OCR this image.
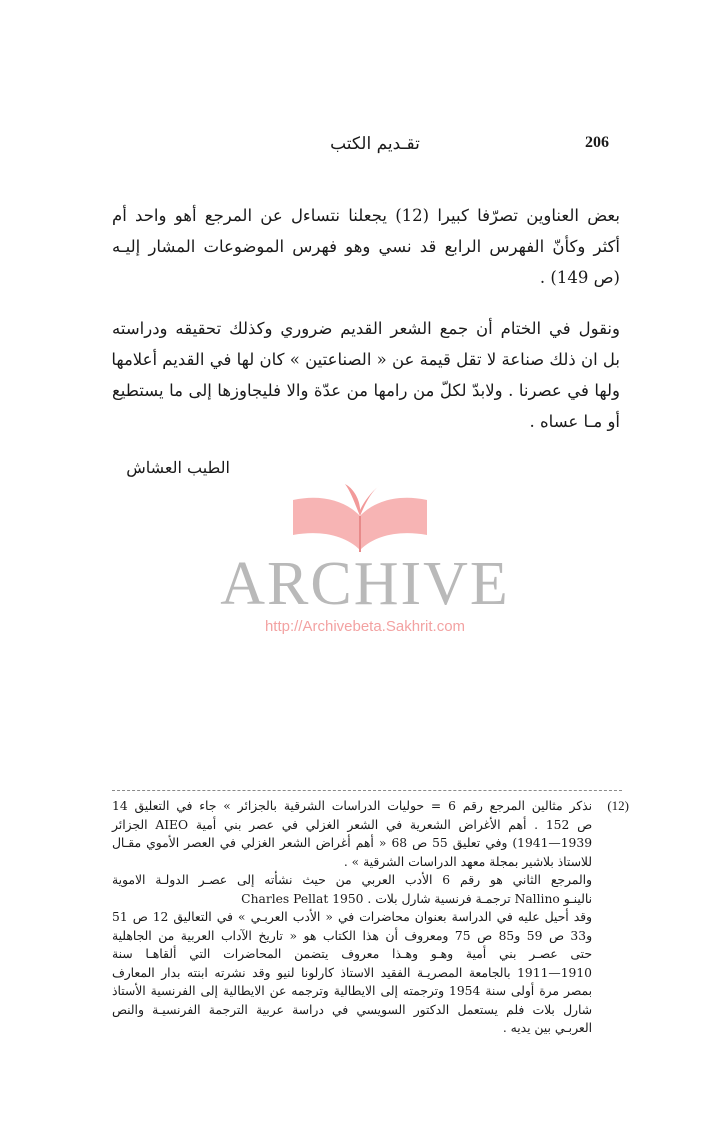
206
تقـديم الكتب
بعض العناوين تصرّفا كبيرا (12) يجعلنا نتساءل عن المرجع أهو واحد أم
أكثر وكأنّ الفهرس الرابع قد نسي وهو فهرس الموضوعات المشار إليـه
(ص 149) .
ونقول في الختام أن جمع الشعر القديم ضروري وكذلك تحقيقه ودراسته
بل ان ذلك صناعة لا تقل قيمة عن « الصناعتين » كان لها في القديم أعلامها
ولها في عصرنا . ولابدّ لكلّ من رامها من عدّة والا فليجاوزها إلى ما يستطيع
أو مـا عساه .
الطيب العشاش
ARCHIVE
http://Archivebeta.Sakhrit.com
(12)
نذكر مثالين المرجع رقم 6 = حوليات الدراسات الشرقية بالجزائر » جاء في التعليق 14
ص 152 . أهم الأغراض الشعرية في الشعر الغزلي في عصر بني أمية AIEO الجزائر
1939—1941) وفي تعليق 55 ص 68 « أهم أغراض الشعر الغزلي في العصر الأموي مقـال
للاستاذ بلاشير بمجلة معهد الدراسات الشرقية » .
والمرجع الثاني هو رقم 6 الأدب العربي من حيث نشأته إلى عصـر الدولـة الاموية
نالينـو Nallino ترجمـة فرنسية شارل بلات . 1950 Charles Pellat
وقد أحيل عليه في الدراسة بعنوان محاضرات في « الأدب العربـي » في التعاليق 12 ص 51
و33 ص 59 و85 ص 75 ومعروف أن هذا الكتاب هو « تاريخ الآداب العربية من الجاهلية
حتى عصـر بني أمية وهـو وهـذا معروف يتضمن المحاضرات التي ألقاهـا سنة
1910—1911 بالجامعة المصريـة الفقيد الاستاذ كارلونا لنيو وقد نشرته ابنته بدار المعارف
بمصر مرة أولى سنة 1954 وترجمته إلى الايطالية وترجمه عن الايطالية إلى الفرنسية الأستاذ
شارل بلات فلم يستعمل الدكتور السويسي في دراسة عربية الترجمة الفرنسيـة والنص
العربـي بين يديه .
